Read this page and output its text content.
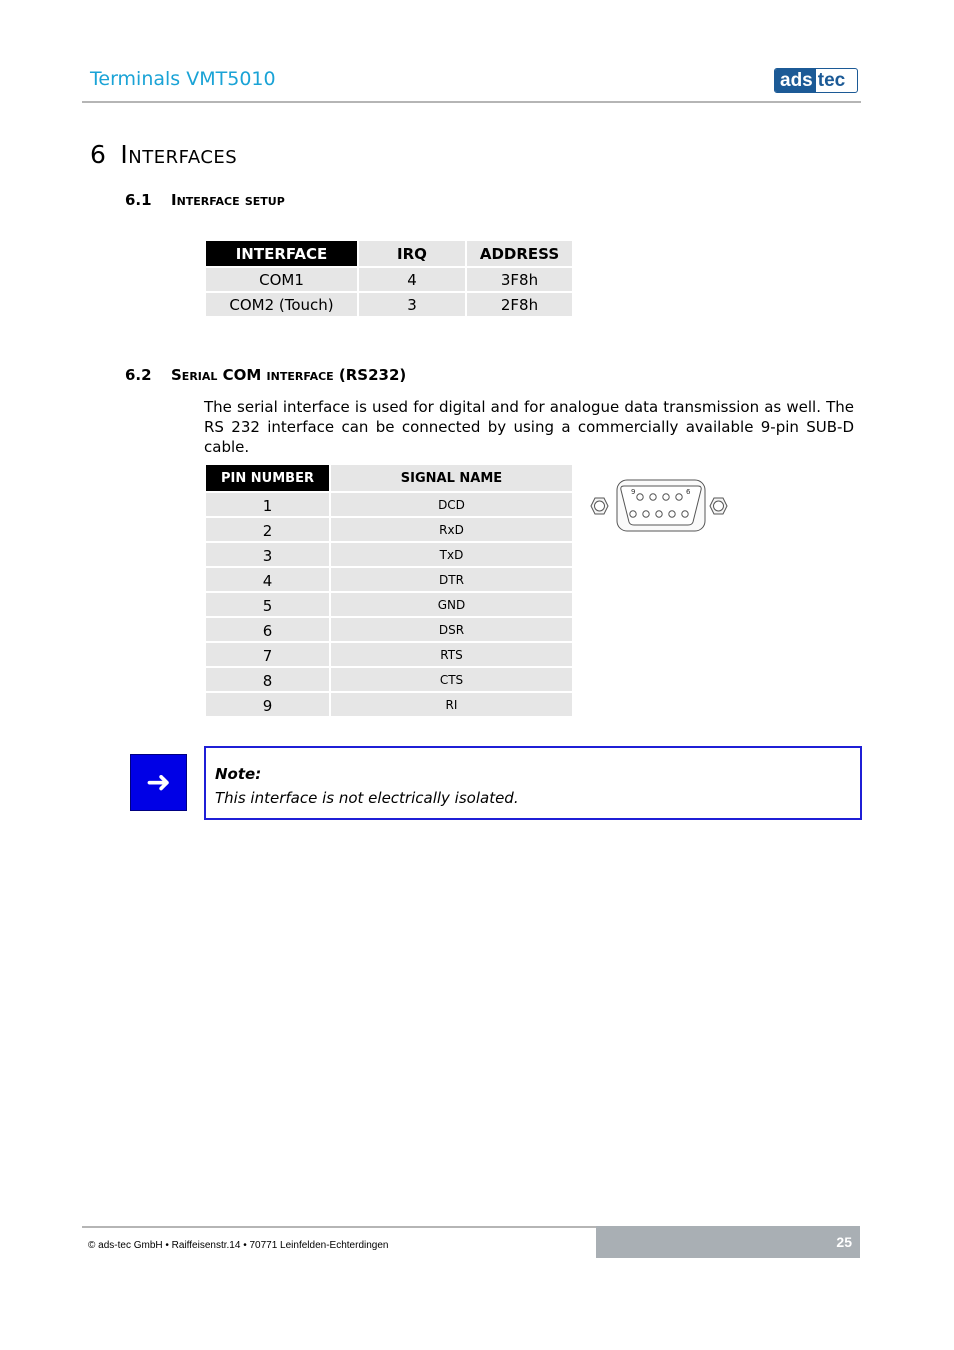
Terminals VMT5010	ads tec
6 Interfaces
6.1 Interface setup
INTERFACE	IRQ	ADDRESS
COM1	4	3F8h
COM2 (Touch)	3	2F8h
6.2 Serial COM interface (RS232)

The serial interface is used for digital and for analogue data transmission as well. The RS 232 interface can be connected by using a commercially available 9-pin SUB-D cable.

PIN NUMBER	SIGNAL NAME
1	DCD
2	RxD
3	TxD
4	DTR
5	GND
6	DSR
7	RTS
8	CTS
9	RI
9	6
➜	Note:
This interface is not electrically isolated.
© ads-tec GmbH • Raiffeisenstr.14 • 70771 Leinfelden-Echterdingen	25
